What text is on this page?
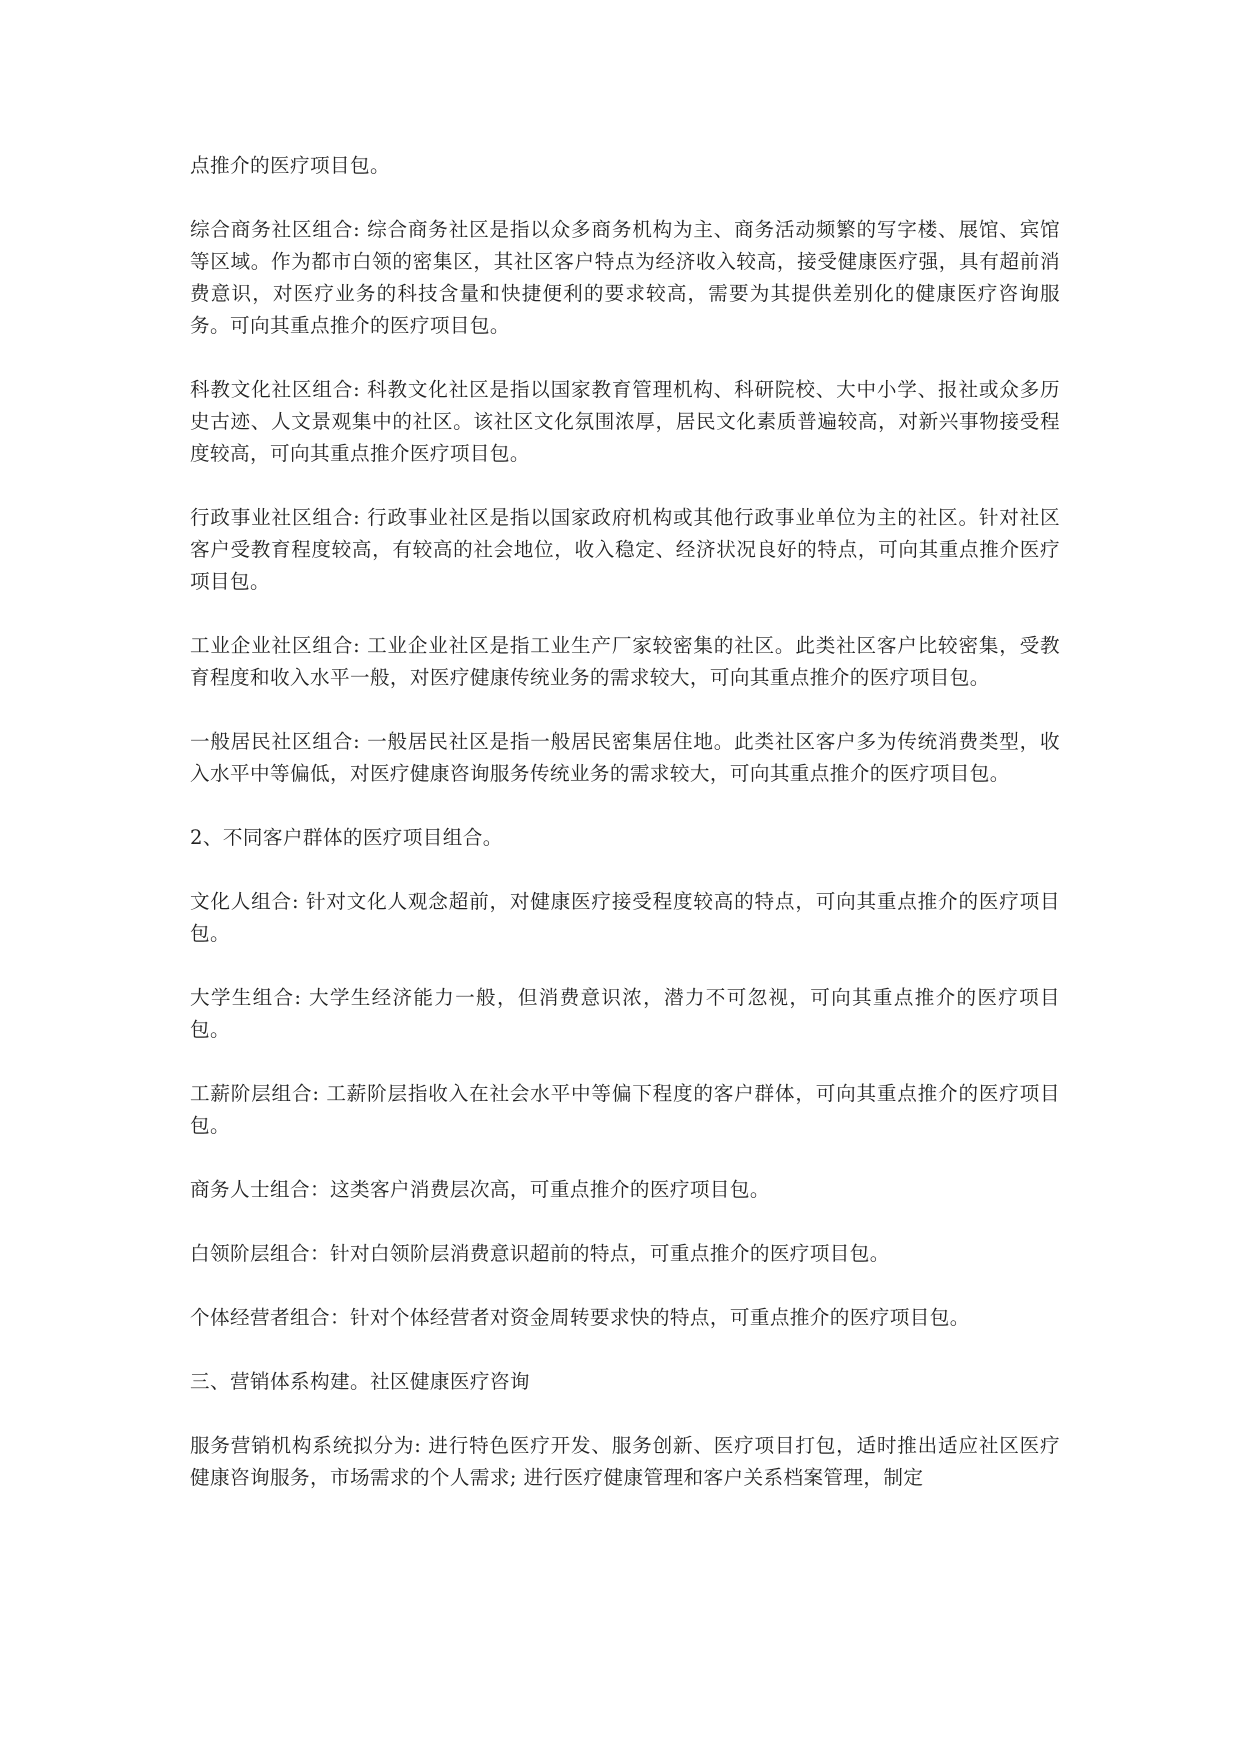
点推介的医疗项目包。

综合商务社区组合: 综合商务社区是指以众多商务机构为主、商务活动频繁的写字楼、展馆、宾馆等区域。作为都市白领的密集区，其社区客户特点为经济收入较高，接受健康医疗强，具有超前消费意识，对医疗业务的科技含量和快捷便利的要求较高，需要为其提供差别化的健康医疗咨询服务。可向其重点推介的医疗项目包。

科教文化社区组合: 科教文化社区是指以国家教育管理机构、科研院校、大中小学、报社或众多历史古迹、人文景观集中的社区。该社区文化氛围浓厚，居民文化素质普遍较高，对新兴事物接受程度较高，可向其重点推介医疗项目包。

行政事业社区组合: 行政事业社区是指以国家政府机构或其他行政事业单位为主的社区。针对社区客户受教育程度较高，有较高的社会地位，收入稳定、经济状况良好的特点，可向其重点推介医疗项目包。

工业企业社区组合: 工业企业社区是指工业生产厂家较密集的社区。此类社区客户比较密集，受教育程度和收入水平一般，对医疗健康传统业务的需求较大，可向其重点推介的医疗项目包。

一般居民社区组合: 一般居民社区是指一般居民密集居住地。此类社区客户多为传统消费类型，收入水平中等偏低，对医疗健康咨询服务传统业务的需求较大，可向其重点推介的医疗项目包。

2、不同客户群体的医疗项目组合。

文化人组合: 针对文化人观念超前，对健康医疗接受程度较高的特点，可向其重点推介的医疗项目包。

大学生组合: 大学生经济能力一般，但消费意识浓，潜力不可忽视，可向其重点推介的医疗项目包。

工薪阶层组合: 工薪阶层指收入在社会水平中等偏下程度的客户群体，可向其重点推介的医疗项目包。

商务人士组合：这类客户消费层次高，可重点推介的医疗项目包。

白领阶层组合：针对白领阶层消费意识超前的特点，可重点推介的医疗项目包。

个体经营者组合：针对个体经营者对资金周转要求快的特点，可重点推介的医疗项目包。

三、营销体系构建。社区健康医疗咨询

服务营销机构系统拟分为: 进行特色医疗开发、服务创新、医疗项目打包，适时推出适应社区医疗健康咨询服务，市场需求的个人需求; 进行医疗健康管理和客户关系档案管理，制定
